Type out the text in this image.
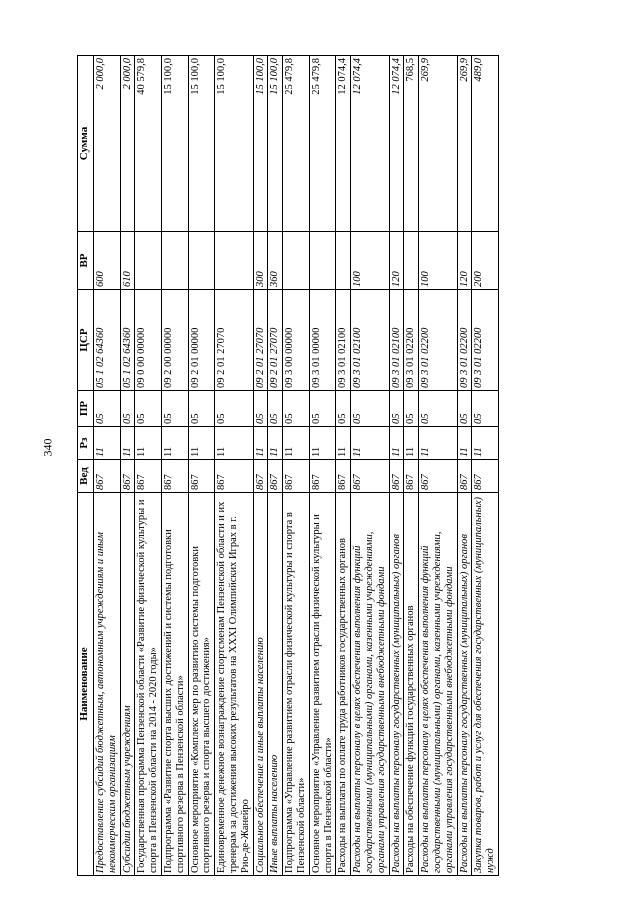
340
Наименование	Вед	Рз	ПР	ЦСР	ВР	Сумма
Предоставление субсидий бюджетным, автономным учреждениям и иным некоммерческим организациям	867	11	05	05 1 02 64360	600	2 000,0
Субсидии бюджетным учреждениям	867	11	05	05 1 02 64360	610	2 000,0
Государственная программа Пензенской области «Развитие физической культуры и спорта в Пензенской области на 2014 - 2020 годы»	867	11	05	09 0 00 00000		40 579,8
Подпрограмма «Развитие спорта высших достижений и системы подготовки спортивного резерва в Пензенской области»	867	11	05	09 2 00 00000		15 100,0
Основное мероприятие «Комплекс мер по развитию системы подготовки спортивного резерва и спорта высшего достижения»	867	11	05	09 2 01 00000		15 100,0
Единовременное денежное вознаграждение спортсменам Пензенской области и их тренерам за достижения высоких результатов на XXXI Олимпийских Играх в г. Рио-де-Жанейро	867	11	05	09 2 01 27070		15 100,0
Социальное обеспечение и иные выплаты населению	867	11	05	09 2 01 27070	300	15 100,0
Иные выплаты населению	867	11	05	09 2 01 27070	360	15 100,0
Подпрограмма «Управление развитием отрасли физической культуры и спорта в Пензенской области»	867	11	05	09 3 00 00000		25 479,8
Основное мероприятие «Управление развитием отрасли физической культуры и спорта в Пензенской области»	867	11	05	09 3 01 00000		25 479,8
Расходы на выплаты по оплате труда работников государственных органов	867	11	05	09 3 01 02100		12 074,4
Расходы на выплаты персоналу в целях обеспечения выполнения функций государственными (муниципальными) органами, казенными учреждениями, органами управления государственными внебюджетными фондами	867	11	05	09 3 01 02100	100	12 074,4
Расходы на выплаты персоналу государственных (муниципальных) органов	867	11	05	09 3 01 02100	120	12 074,4
Расходы на обеспечение функций государственных органов	867	11	05	09 3 01 02200		768,5
Расходы на выплаты персоналу в целях обеспечения выполнения функций государственными (муниципальными) органами, казенными учреждениями, органами управления государственными внебюджетными фондами	867	11	05	09 3 01 02200	100	269,9
Расходы на выплаты персоналу государственных (муниципальных) органов	867	11	05	09 3 01 02200	120	269,9
Закупка товаров, работ и услуг для обеспечения государственных (муниципальных) нужд	867	11	05	09 3 01 02200	200	489,0
